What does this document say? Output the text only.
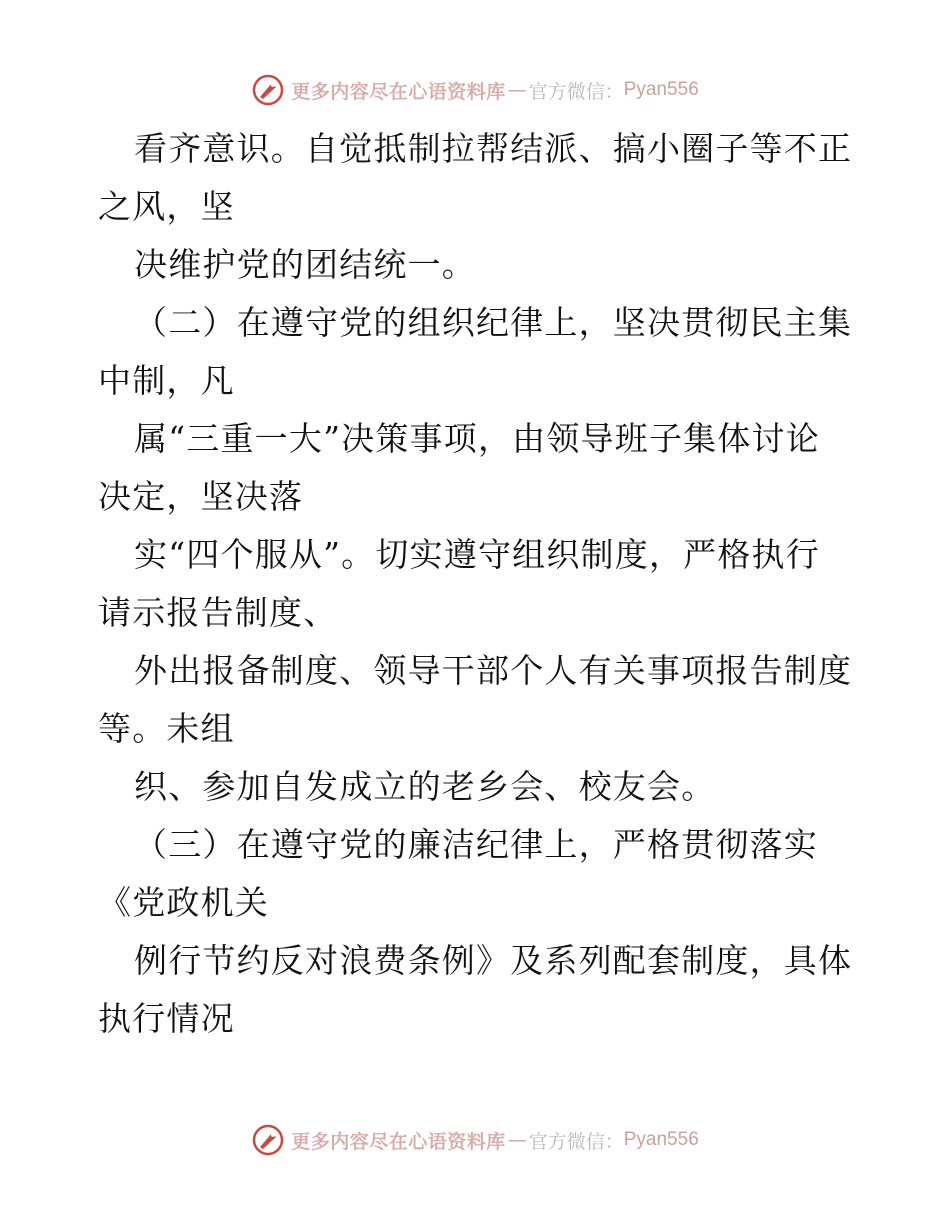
更多内容尽在心语资料库 — 官方微信： Pyan556
看齐意识。自觉抵制拉帮结派、搞小圈子等不正
之风，坚
决维护党的团结统一。
（二）在遵守党的组织纪律上，坚决贯彻民主集
中制，凡
属“三重一大”决策事项，由领导班子集体讨论
决定，坚决落
实“四个服从”。切实遵守组织制度，严格执行
请示报告制度、
外出报备制度、领导干部个人有关事项报告制度
等。未组
织、参加自发成立的老乡会、校友会。
（三）在遵守党的廉洁纪律上，严格贯彻落实
《党政机关
例行节约反对浪费条例》及系列配套制度，具体
执行情况
更多内容尽在心语资料库 — 官方微信： Pyan556
